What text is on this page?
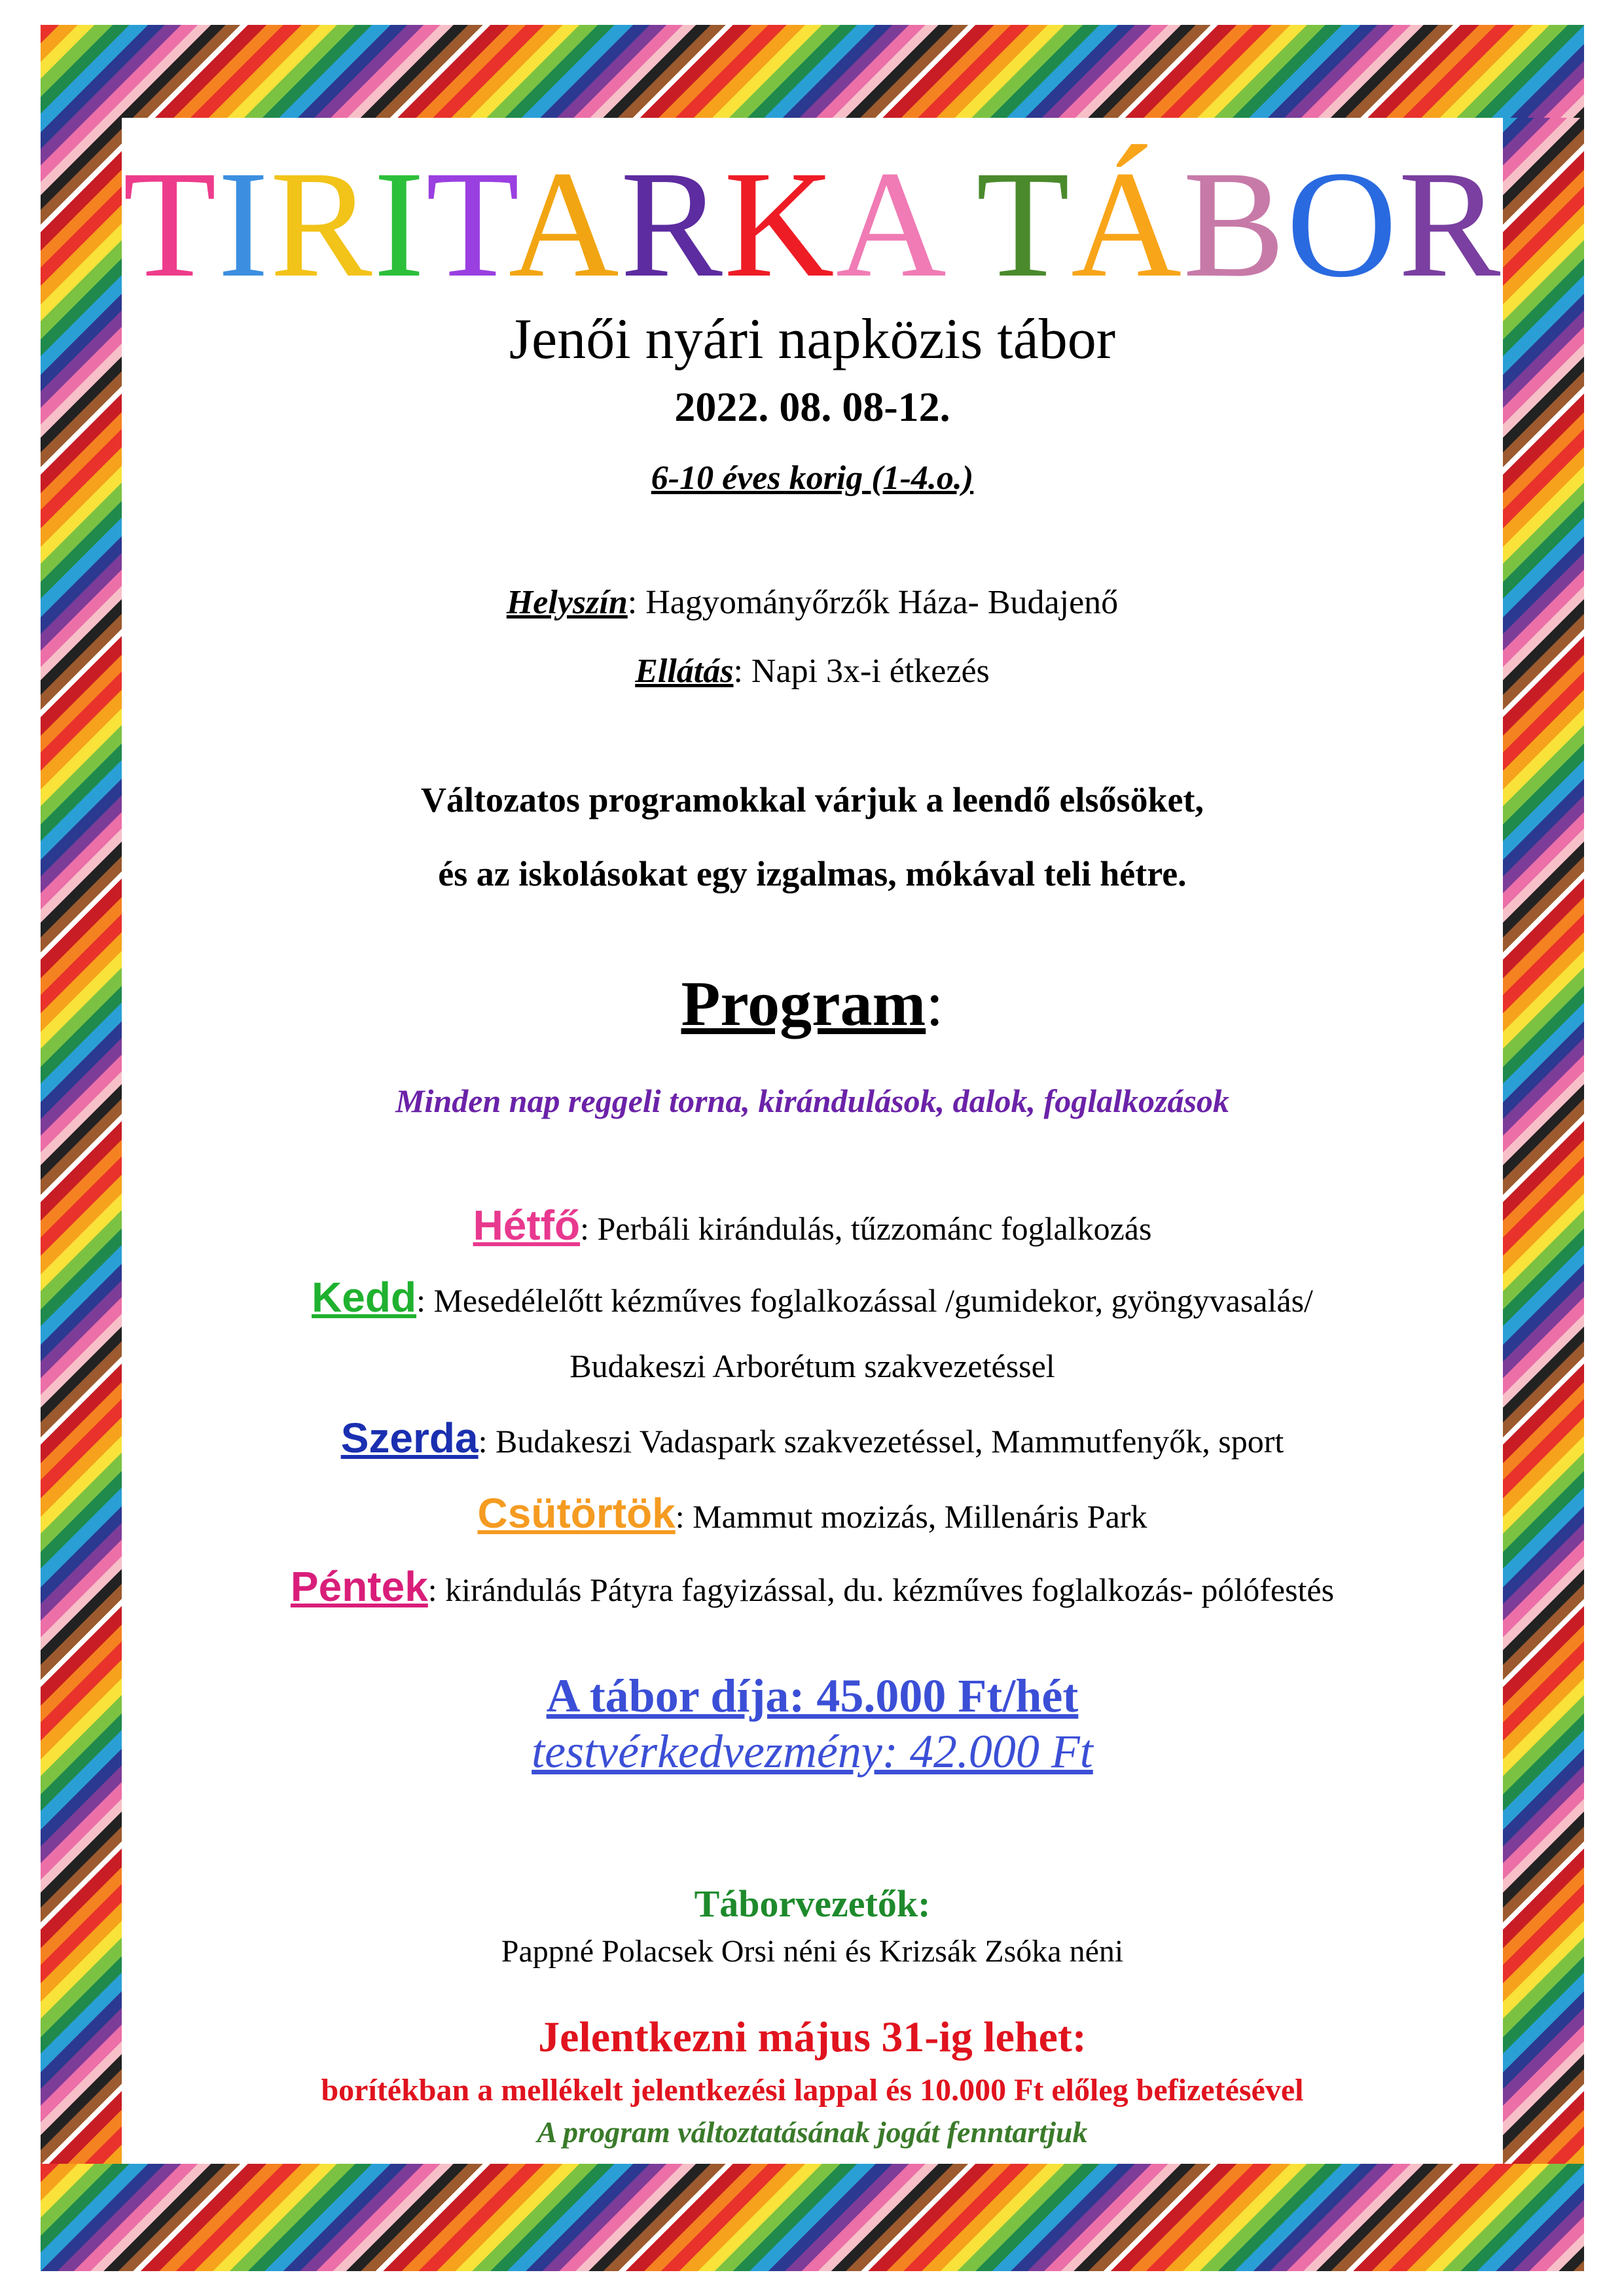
TIRITARKA TÁBOR
Jenői nyári napközis tábor
2022. 08. 08-12.
6-10 éves korig (1-4.o.)
Helyszín: Hagyományőrzők Háza- Budajenő
Ellátás: Napi 3x-i étkezés
Változatos programokkal várjuk a leendő elsősöket,
és az iskolásokat egy izgalmas, mókával teli hétre.
Program:
Minden nap reggeli torna, kirándulások, dalok, foglalkozások
Hétfő: Perbáli kirándulás, tűzzománc foglalkozás
Kedd: Mesedélelőtt kézműves foglalkozással /gumidekor, gyöngyvasalás/
Budakeszi Arborétum szakvezetéssel
Szerda: Budakeszi Vadaspark szakvezetéssel, Mammutfenyők, sport
Csütörtök: Mammut mozizás, Millenáris Park
Péntek: kirándulás Pátyra fagyizással, du. kézműves foglalkozás- pólófestés
A tábor díja: 45.000 Ft/hét
testvérkedvezmény: 42.000 Ft
Táborvezetők:
Pappné Polacsek Orsi néni és Krizsák Zsóka néni
Jelentkezni május 31-ig lehet:
borítékban a mellékelt jelentkezési lappal és 10.000 Ft előleg befizetésével
A program változtatásának jogát fenntartjuk
